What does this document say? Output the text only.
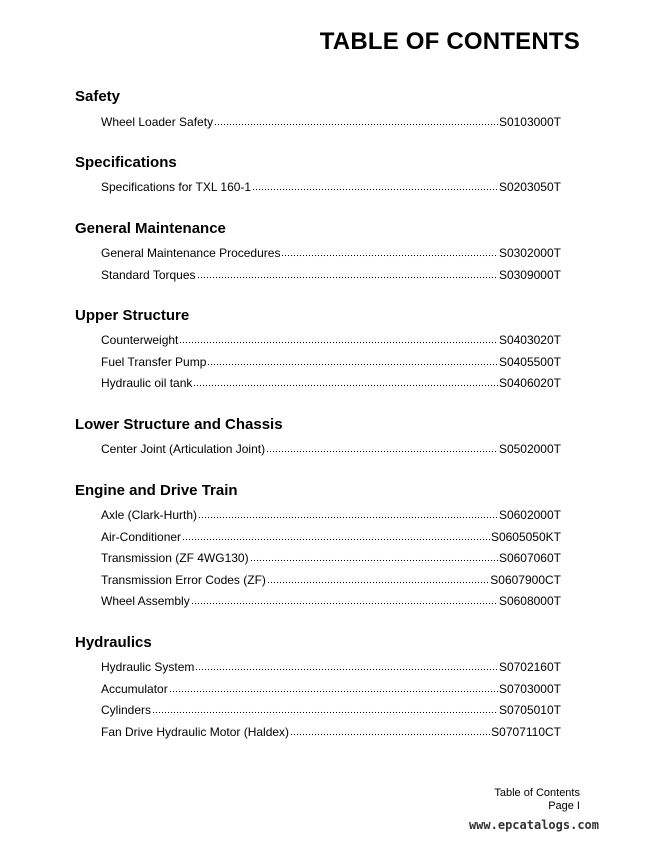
TABLE OF CONTENTS
Safety
Wheel Loader Safety	S0103000T
Specifications
Specifications for TXL 160-1	S0203050T
General Maintenance
General Maintenance Procedures	S0302000T
Standard Torques	S0309000T
Upper Structure
Counterweight	S0403020T
Fuel Transfer Pump	S0405500T
Hydraulic oil tank	S0406020T
Lower Structure and Chassis
Center Joint (Articulation Joint)	S0502000T
Engine and Drive Train
Axle (Clark-Hurth)	S0602000T
Air-Conditioner	S0605050KT
Transmission (ZF 4WG130)	S0607060T
Transmission Error Codes (ZF)	S0607900CT
Wheel Assembly	S0608000T
Hydraulics
Hydraulic System	S0702160T
Accumulator	S0703000T
Cylinders	S0705010T
Fan Drive Hydraulic Motor (Haldex)	S0707110CT
Table of Contents
Page I
www.epcatalogs.com
